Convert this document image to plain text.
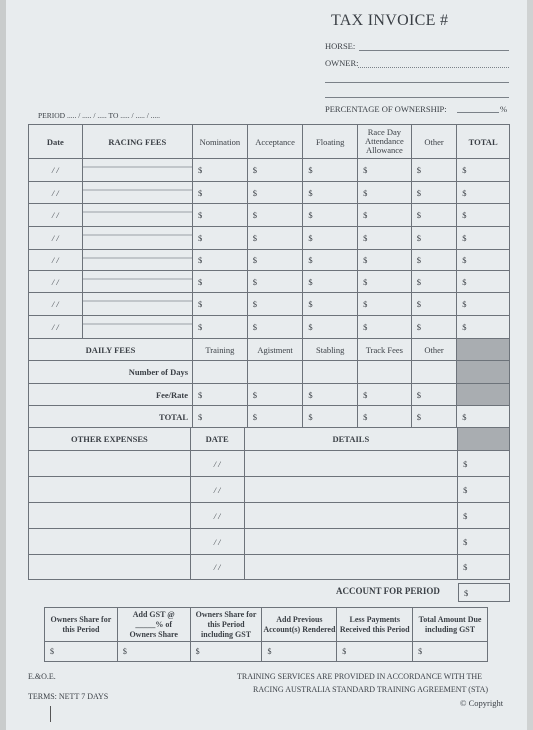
TAX INVOICE #
HORSE:
OWNER:
PERIOD ..... / ..... / ..... TO ..... / ..... / .....
PERCENTAGE OF OWNERSHIP:	%
Date	RACING FEES	Nomination	Acceptance	Floating	Race Day Attendance Allowance	Other	TOTAL
/ /		$	$	$	$	$	$
/ /		$	$	$	$	$	$
/ /		$	$	$	$	$	$
/ /		$	$	$	$	$	$
/ /		$	$	$	$	$	$
/ /		$	$	$	$	$	$
/ /		$	$	$	$	$	$
/ /		$	$	$	$	$	$
DAILY FEES	Training	Agistment	Stabling	Track Fees	Other	
Number of Days						
Fee/Rate	$	$	$	$	$	
TOTAL	$	$	$	$	$	$
OTHER EXPENSES	DATE	DETAILS	
	/ /		$
	/ /		$
	/ /		$
	/ /		$
	/ /		$
ACCOUNT FOR PERIOD	$
Owners Share for this Period	Add GST @
_____% of
Owners Share	Owners Share for this Period including GST	Add Previous Account(s) Rendered	Less Payments Received this Period	Total Amount Due including GST
$	$	$	$	$	$
E.&O.E.
TERMS: NETT 7 DAYS
TRAINING SERVICES ARE PROVIDED IN ACCORDANCE WITH THE
RACING AUSTRALIA STANDARD TRAINING AGREEMENT (STA)
© Copyright
